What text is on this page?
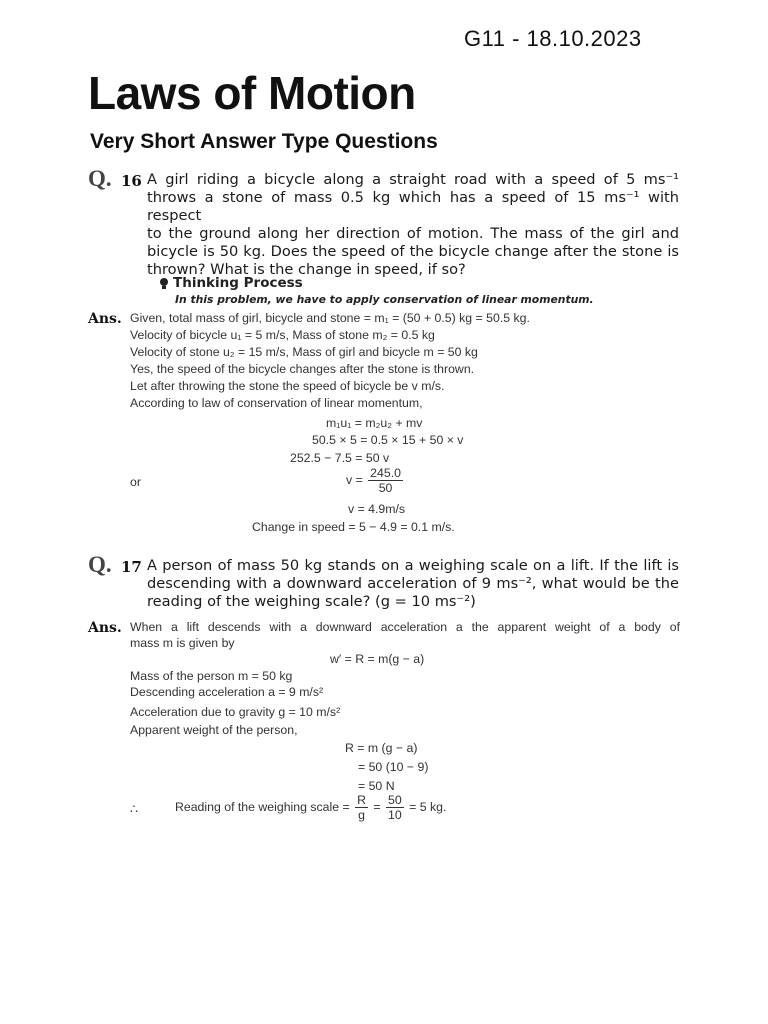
G11 - 18.10.2023
Laws of Motion
Very Short Answer Type Questions
Q. 16 A girl riding a bicycle along a straight road with a speed of 5 ms⁻¹
throws a stone of mass 0.5 kg which has a speed of 15 ms⁻¹ with respect
to the ground along her direction of motion. The mass of the girl and
bicycle is 50 kg. Does the speed of the bicycle change after the stone is
thrown? What is the change in speed, if so?
Thinking Process
In this problem, we have to apply conservation of linear momentum.
Ans. Given, total mass of girl, bicycle and stone = m₁ = (50 + 0.5) kg = 50.5 kg.
Velocity of bicycle u₁ = 5 m/s, Mass of stone m₂ = 0.5 kg
Velocity of stone u₂ = 15 m/s, Mass of girl and bicycle m = 50 kg
Yes, the speed of the bicycle changes after the stone is thrown.
Let after throwing the stone the speed of bicycle be v m/s.
According to law of conservation of linear momentum,
m₁u₁ = m₂u₂ + mv
50.5 × 5 = 0.5 × 15 + 50 × v
252.5 − 7.5 = 50 v
or	$v = \frac{245.0}{50}$
v = 4.9m/s
Change in speed = 5 − 4.9 = 0.1 m/s.
Q. 17 A person of mass 50 kg stands on a weighing scale on a lift. If the lift is
descending with a downward acceleration of 9 ms⁻², what would be the
reading of the weighing scale? (g = 10 ms⁻²)
Ans. When a lift descends with a downward acceleration a the apparent weight of a body of
mass m is given by
w′ = R = m(g − a)
Mass of the person m = 50 kg
Descending acceleration a = 9 m/s²
Acceleration due to gravity g = 10 m/s²
Apparent weight of the person,
R = m (g − a)
= 50 (10 − 9)
= 50 N
∴	Reading of the weighing scale = $\frac{R}{g} = \frac{50}{10} = 5$ kg.
